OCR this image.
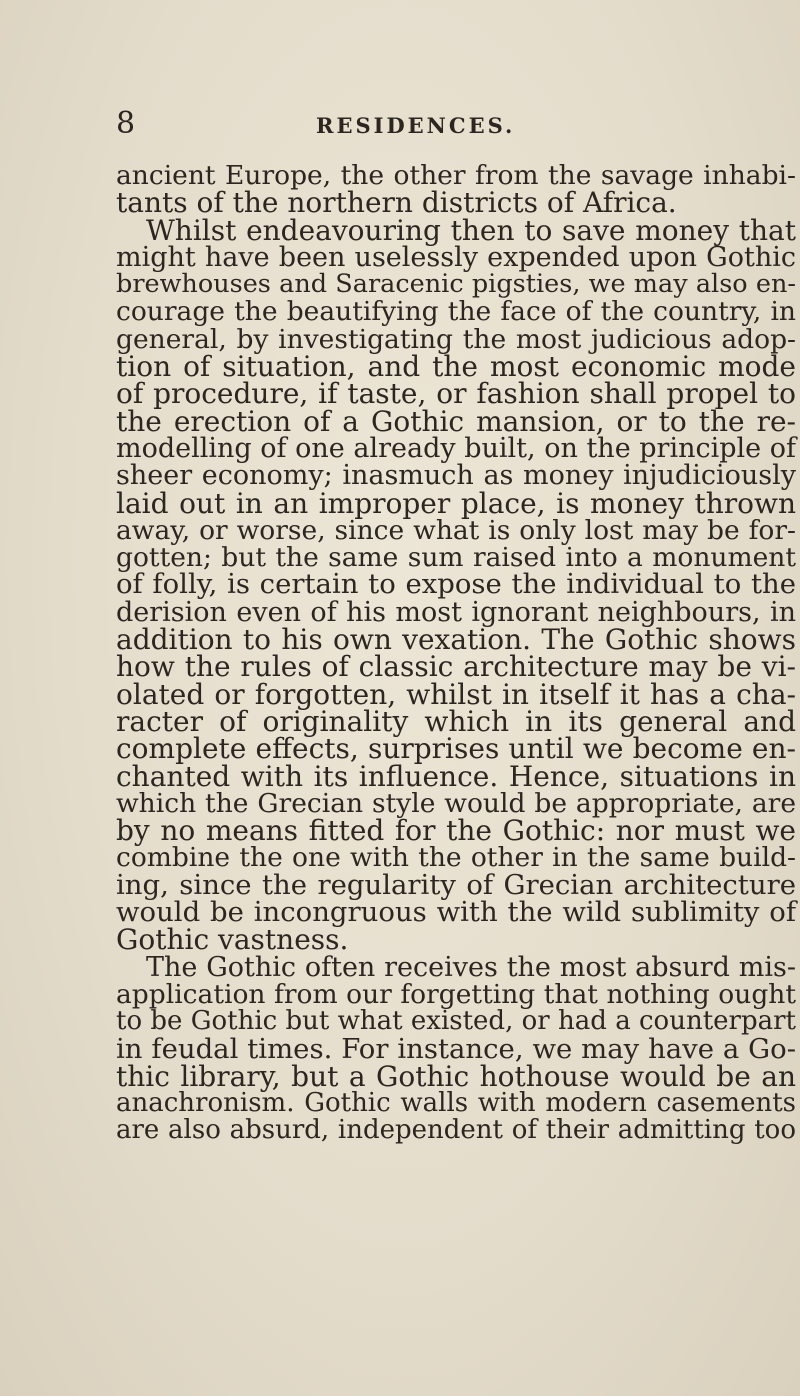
8	RESIDENCES.
ancient Europe, the other from the savage inhabi-
tants of the northern districts of Africa.
Whilst endeavouring then to save money that
might have been uselessly expended upon Gothic
brewhouses and Saracenic pigsties, we may also en-
courage the beautifying the face of the country, in
general, by investigating the most judicious adop-
tion of situation, and the most economic mode
of procedure, if taste, or fashion shall propel to
the erection of a Gothic mansion, or to the re-
modelling of one already built, on the principle of
sheer economy; inasmuch as money injudiciously
laid out in an improper place, is money thrown
away, or worse, since what is only lost may be for-
gotten; but the same sum raised into a monument
of folly, is certain to expose the individual to the
derision even of his most ignorant neighbours, in
addition to his own vexation. The Gothic shows
how the rules of classic architecture may be vi-
olated or forgotten, whilst in itself it has a cha-
racter of originality which in its general and
complete effects, surprises until we become en-
chanted with its influence. Hence, situations in
which the Grecian style would be appropriate, are
by no means fitted for the Gothic: nor must we
combine the one with the other in the same build-
ing, since the regularity of Grecian architecture
would be incongruous with the wild sublimity of
Gothic vastness.
The Gothic often receives the most absurd mis-
application from our forgetting that nothing ought
to be Gothic but what existed, or had a counterpart
in feudal times. For instance, we may have a Go-
thic library, but a Gothic hothouse would be an
anachronism. Gothic walls with modern casements
are also absurd, independent of their admitting too
